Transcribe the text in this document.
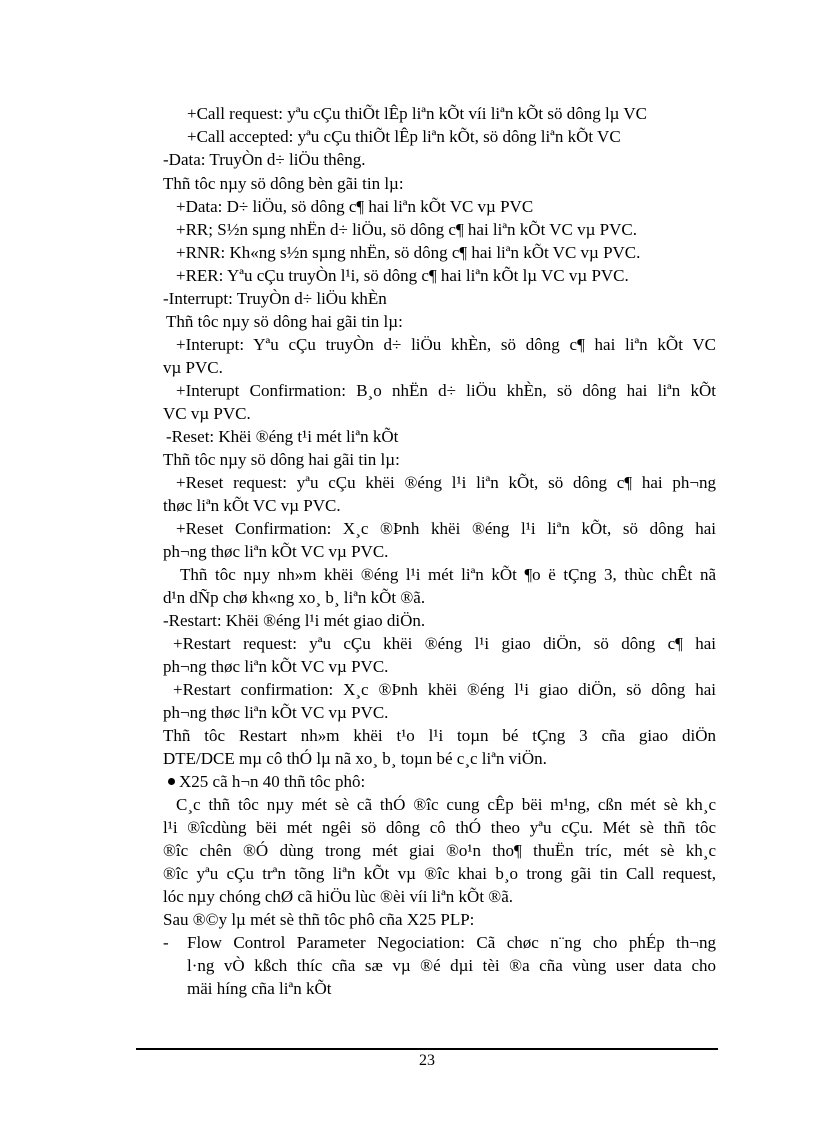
+Call request: yªu cÇu thiÕt lÊp liªn kÕt víi liªn kÕt sö dông lµ VC
+Call accepted: yªu cÇu thiÕt lÊp liªn kÕt, sö dông liªn kÕt VC
-Data: TruyÒn d÷ liÖu thêng.
Thñ tôc nµy sö dông bèn gãi tin lµ:
+Data: D÷ liÖu, sö dông c¶ hai liªn kÕt VC vµ PVC
+RR; S½n sµng nhËn d÷ liÖu, sö dông c¶ hai liªn kÕt VC vµ PVC.
+RNR: Kh«ng s½n sµng nhËn, sö dông c¶ hai liªn kÕt VC vµ PVC.
+RER: Yªu cÇu truyÒn l¹i, sö dông c¶ hai liªn kÕt lµ VC vµ PVC.
-Interrupt: TruyÒn d÷ liÖu khÈn
Thñ tôc nµy sö dông hai gãi tin lµ:
+Interupt: Yªu cÇu truyÒn d÷ liÖu khÈn, sö dông c¶ hai liªn kÕt VC
vµ PVC.
+Interupt Confirmation: B¸o nhËn d÷ liÖu khÈn, sö dông hai liªn kÕt
VC vµ PVC.
-Reset: Khëi ®éng t¹i mét liªn kÕt
Thñ tôc nµy sö dông hai gãi tin lµ:
+Reset request: yªu cÇu khëi ®éng l¹i liªn kÕt, sö dông c¶ hai ph¬ng
thøc liªn kÕt VC vµ PVC.
+Reset Confirmation: X¸c ®Þnh khëi ®éng l¹i liªn kÕt, sö dông hai
ph¬ng thøc liªn kÕt VC vµ PVC.
Thñ tôc nµy nh»m khëi ®éng l¹i mét liªn kÕt ¶o ë tÇng 3, thùc chÊt nã
d¹n dÑp chø kh«ng xo¸ b¸ liªn kÕt ®ã.
-Restart: Khëi ®éng l¹i mét giao diÖn.
+Restart request: yªu cÇu khëi ®éng l¹i giao diÖn, sö dông c¶ hai
ph¬ng thøc liªn kÕt VC vµ PVC.
+Restart confirmation: X¸c ®Þnh khëi ®éng l¹i giao diÖn, sö dông hai
ph¬ng thøc liªn kÕt VC vµ PVC.
Thñ tôc Restart nh»m khëi t¹o l¹i toµn bé tÇng 3 cña giao diÖn
DTE/DCE mµ cô thÓ lµ nã xo¸ b¸ toµn bé c¸c liªn viÖn.
X25 cã h¬n 40 thñ tôc phô:
C¸c thñ tôc nµy mét sè cã thÓ ®îc cung cÊp bëi m¹ng, cßn mét sè kh¸c
l¹i ®îcdùng bëi mét ngêi sö dông cô thÓ theo yªu cÇu. Mét sè thñ tôc
®îc chên ®Ó dùng trong mét giai ®o¹n tho¶ thuËn tríc, mét sè kh¸c
®îc yªu cÇu trªn tõng liªn kÕt vµ ®îc khai b¸o trong gãi tin Call request,
lóc nµy chóng chØ cã hiÖu lùc ®èi víi liªn kÕt ®ã.
Sau ®©y lµ mét sè thñ tôc phô cña X25 PLP:
- Flow Control Parameter Negociation: Cã chøc n¨ng cho phÉp th¬ng
l·ng vÒ kßch thíc cña sæ vµ ®é dµi tèi ®a cña vùng user data cho
mäi híng cña liªn kÕt
23
